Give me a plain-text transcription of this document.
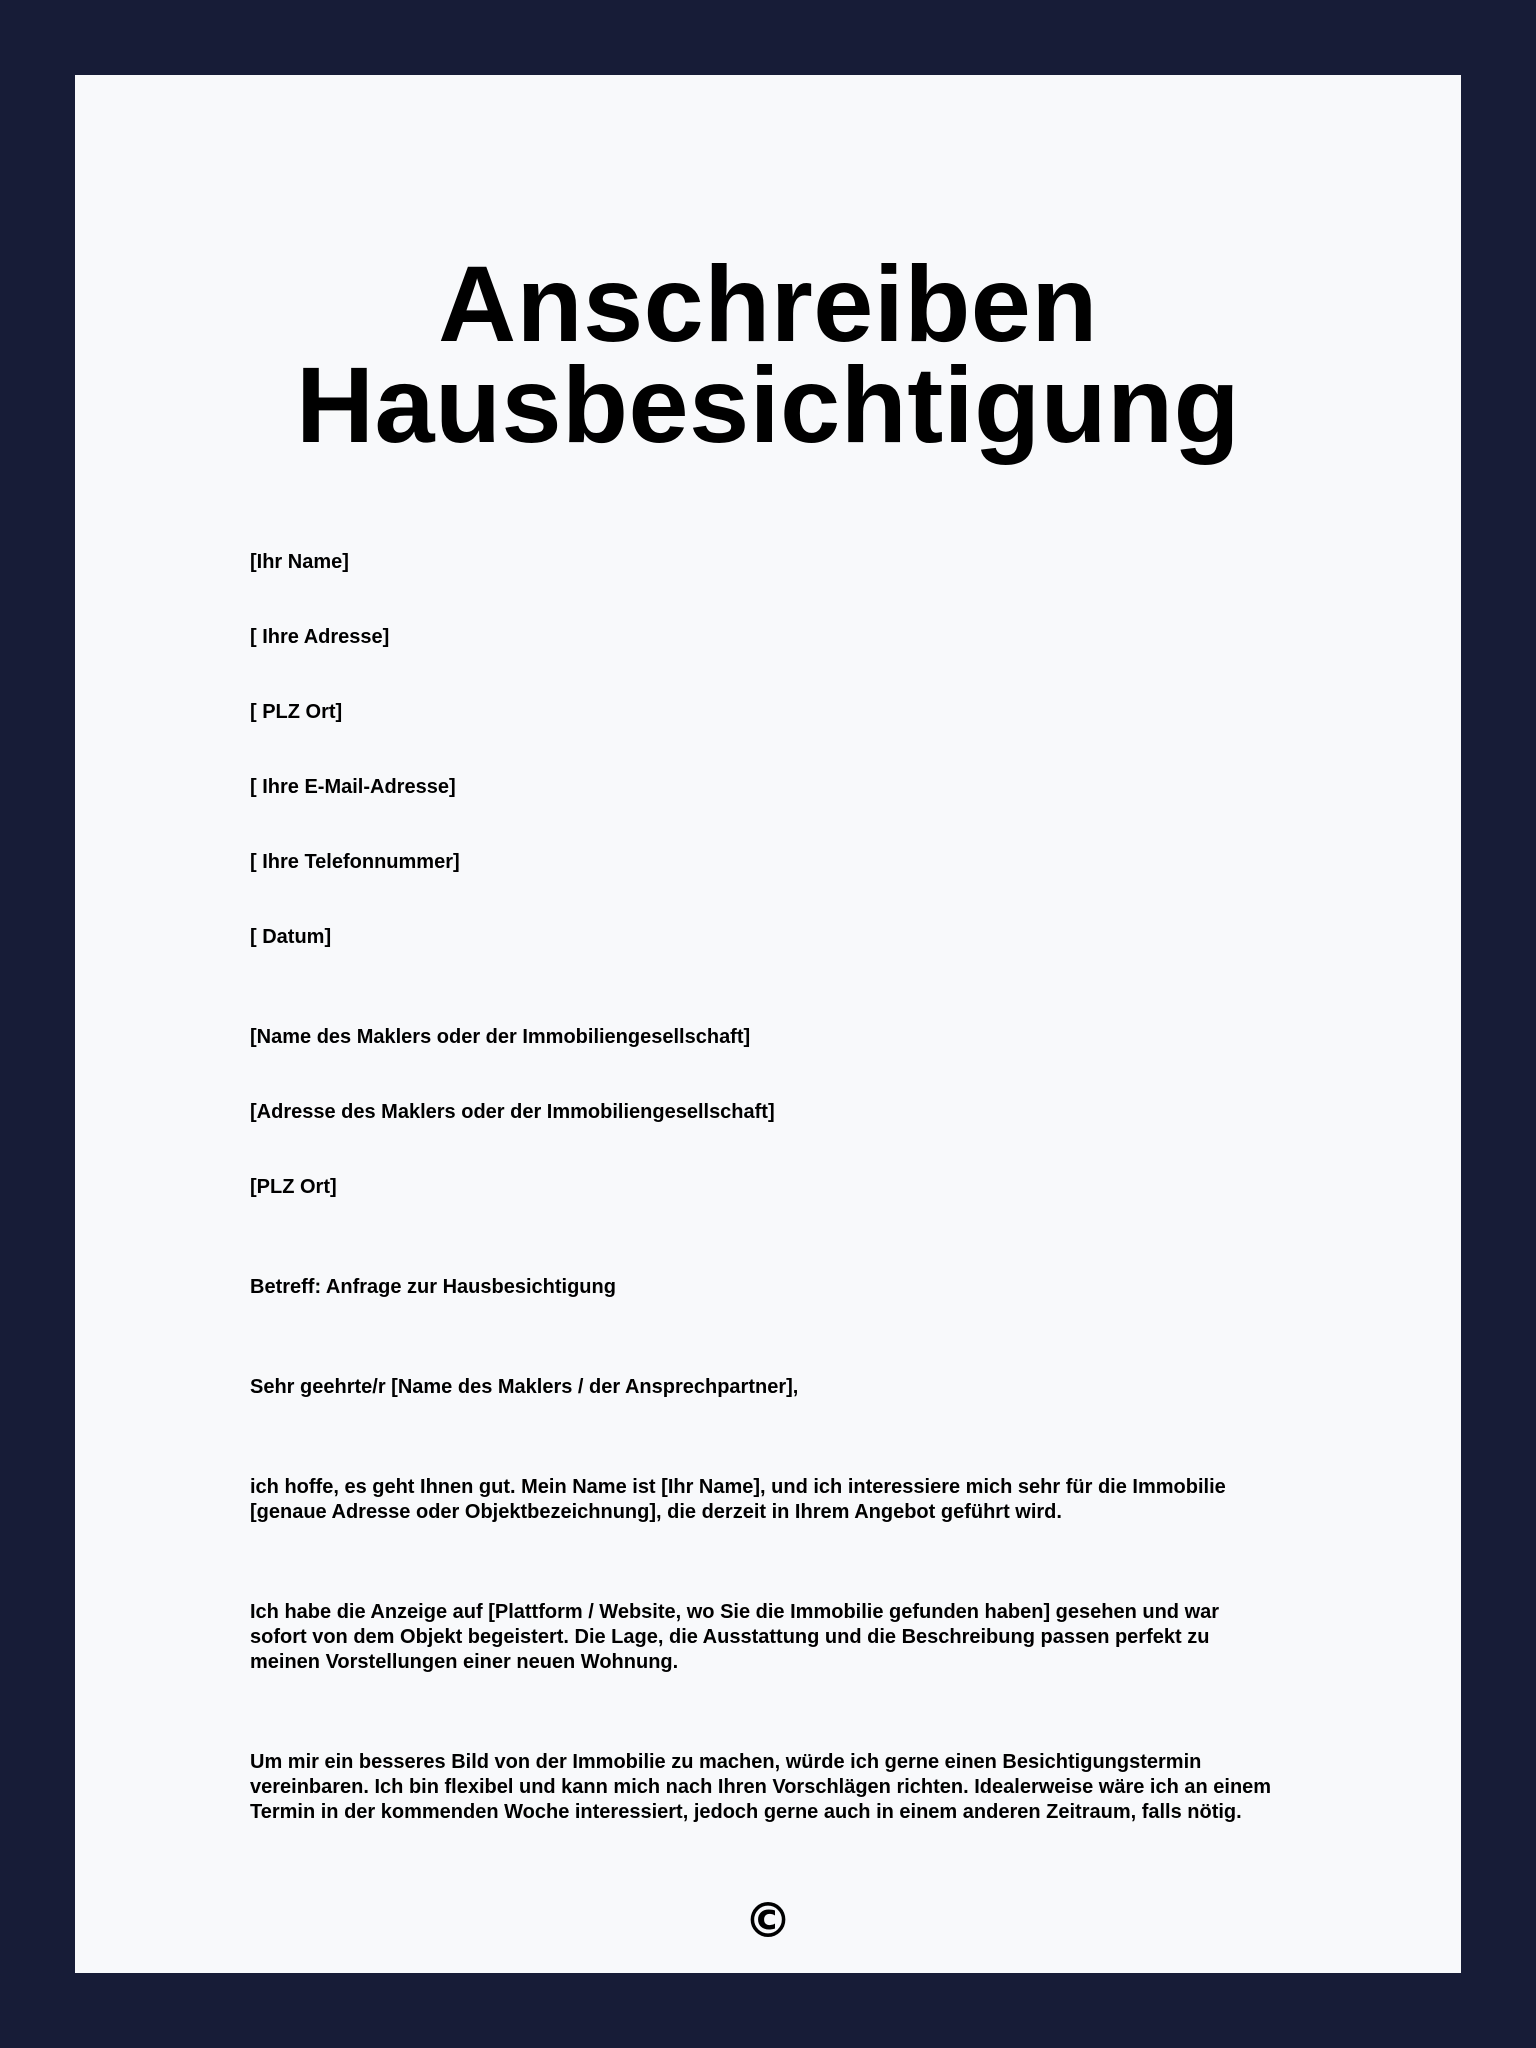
Anschreiben
Hausbesichtigung

[Ihr Name]

[ Ihre Adresse]

[ PLZ Ort]

[ Ihre E-Mail-Adresse]

[ Ihre Telefonnummer]

[ Datum]

[Name des Maklers oder der Immobiliengesellschaft]

[Adresse des Maklers oder der Immobiliengesellschaft]

[PLZ Ort]

Betreff: Anfrage zur Hausbesichtigung

Sehr geehrte/r [Name des Maklers / der Ansprechpartner],

ich hoffe, es geht Ihnen gut. Mein Name ist [Ihr Name], und ich interessiere mich sehr für die Immobilie
[genaue Adresse oder Objektbezeichnung], die derzeit in Ihrem Angebot geführt wird.
Ich habe die Anzeige auf [Plattform / Website, wo Sie die Immobilie gefunden haben] gesehen und war
sofort von dem Objekt begeistert. Die Lage, die Ausstattung und die Beschreibung passen perfekt zu
meinen Vorstellungen einer neuen Wohnung.
Um mir ein besseres Bild von der Immobilie zu machen, würde ich gerne einen Besichtigungstermin
vereinbaren. Ich bin flexibel und kann mich nach Ihren Vorschlägen richten. Idealerweise wäre ich an einem
Termin in der kommenden Woche interessiert, jedoch gerne auch in einem anderen Zeitraum, falls nötig.
©
